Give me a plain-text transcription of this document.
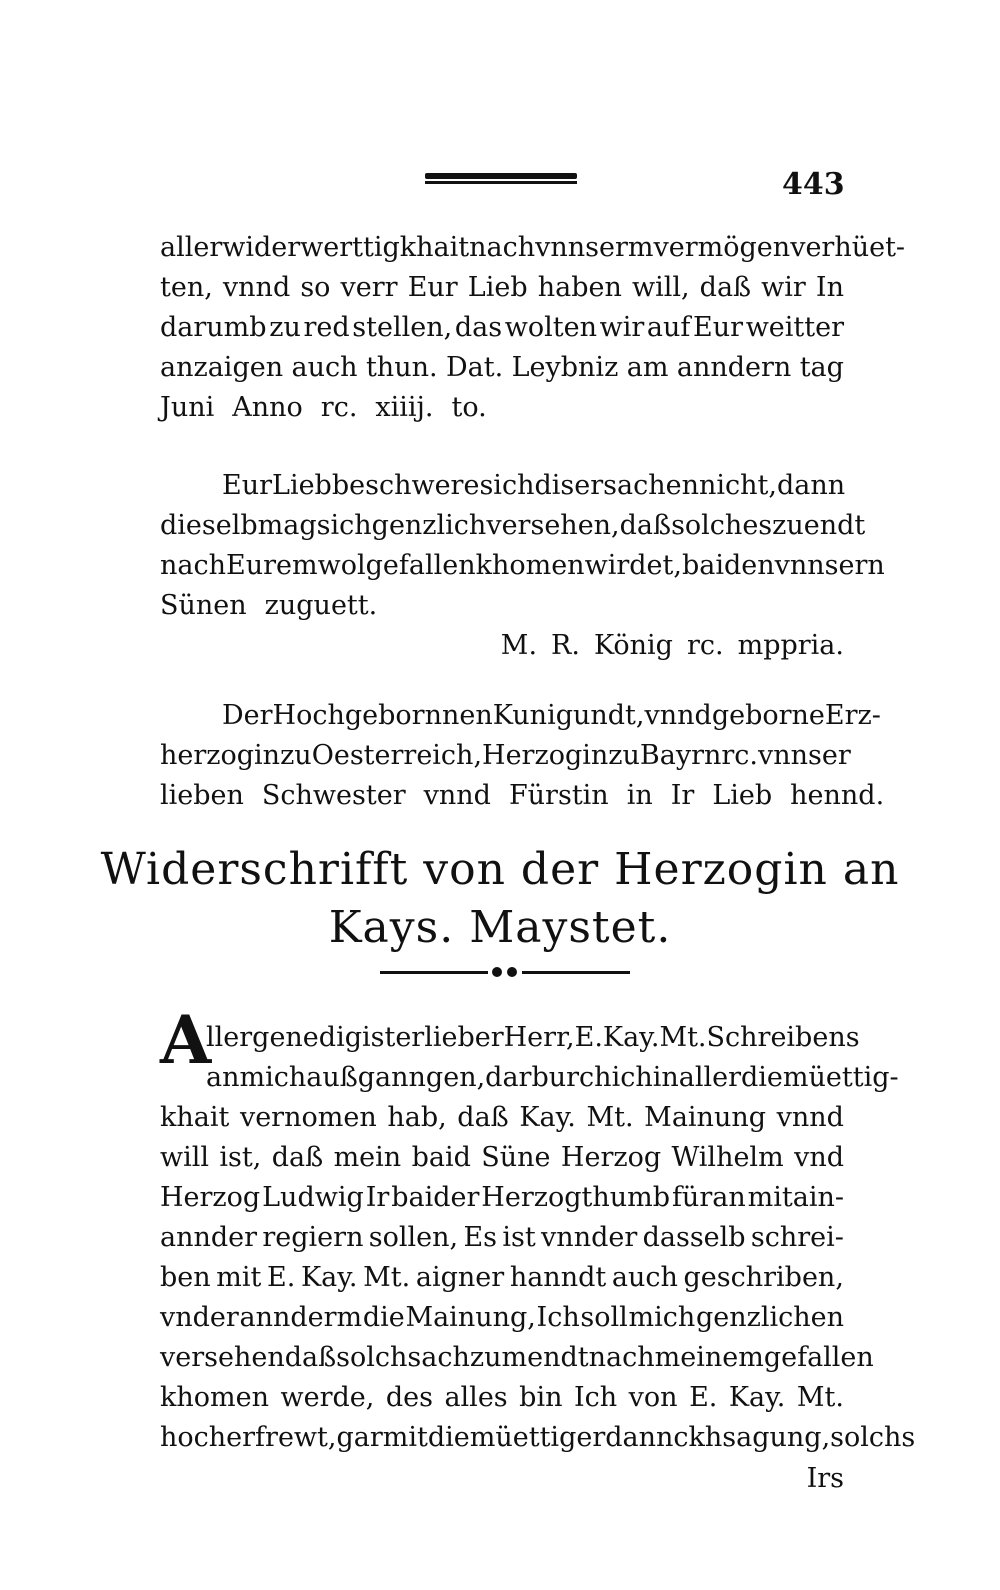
443
aller widerwerttigkhait nach vnnserm vermögen verhüet-
ten, vnnd so verr Eur Lieb haben will, daß wir In
darumb zu red stellen, das wolten wir auf Eur weitter
anzaigen auch thun. Dat. Leybniz am anndern tag
Juni Anno rc. xiiij. to.
Eur Lieb beschwere sich diser sachen nicht, dann
dieselb mag sich genzlich versehen, daß solches zu endt
nach Eurem wolgefallen khomen wirdet, baiden vnnsern
Sünen zuguett.
M. R. König rc. mppria.
Der Hochgebornnen Kunigundt, vnnd geborne Erz-
herzogin zu Oesterreich, Herzogin zu Bayrn rc. vnnser
lieben Schwester vnnd Fürstin in Ir Lieb hennd.
Widerschrifft von der Herzogin an
Kays. Maystet.
A
llergenedigister lieber Herr, E. Kay. Mt. Schreibens
an mich außganngen, darburch ich in aller diemüettig-
khait vernomen hab, daß Kay. Mt. Mainung vnnd
will ist, daß mein baid Süne Herzog Wilhelm vnd
Herzog Ludwig Ir baider Herzogthumb füran mitain-
annder regiern sollen, Es ist vnnder dasselb schrei-
ben mit E. Kay. Mt. aigner hanndt auch geschriben,
vnder annderm die Mainung, Ich soll mich genzlichen
versehen daß solch sach zum endt nach meinem gefallen
khomen werde, des alles bin Ich von E. Kay. Mt.
hoch erfrewt, gar mit diemüettiger dannckhsagung, solchs
Irs
